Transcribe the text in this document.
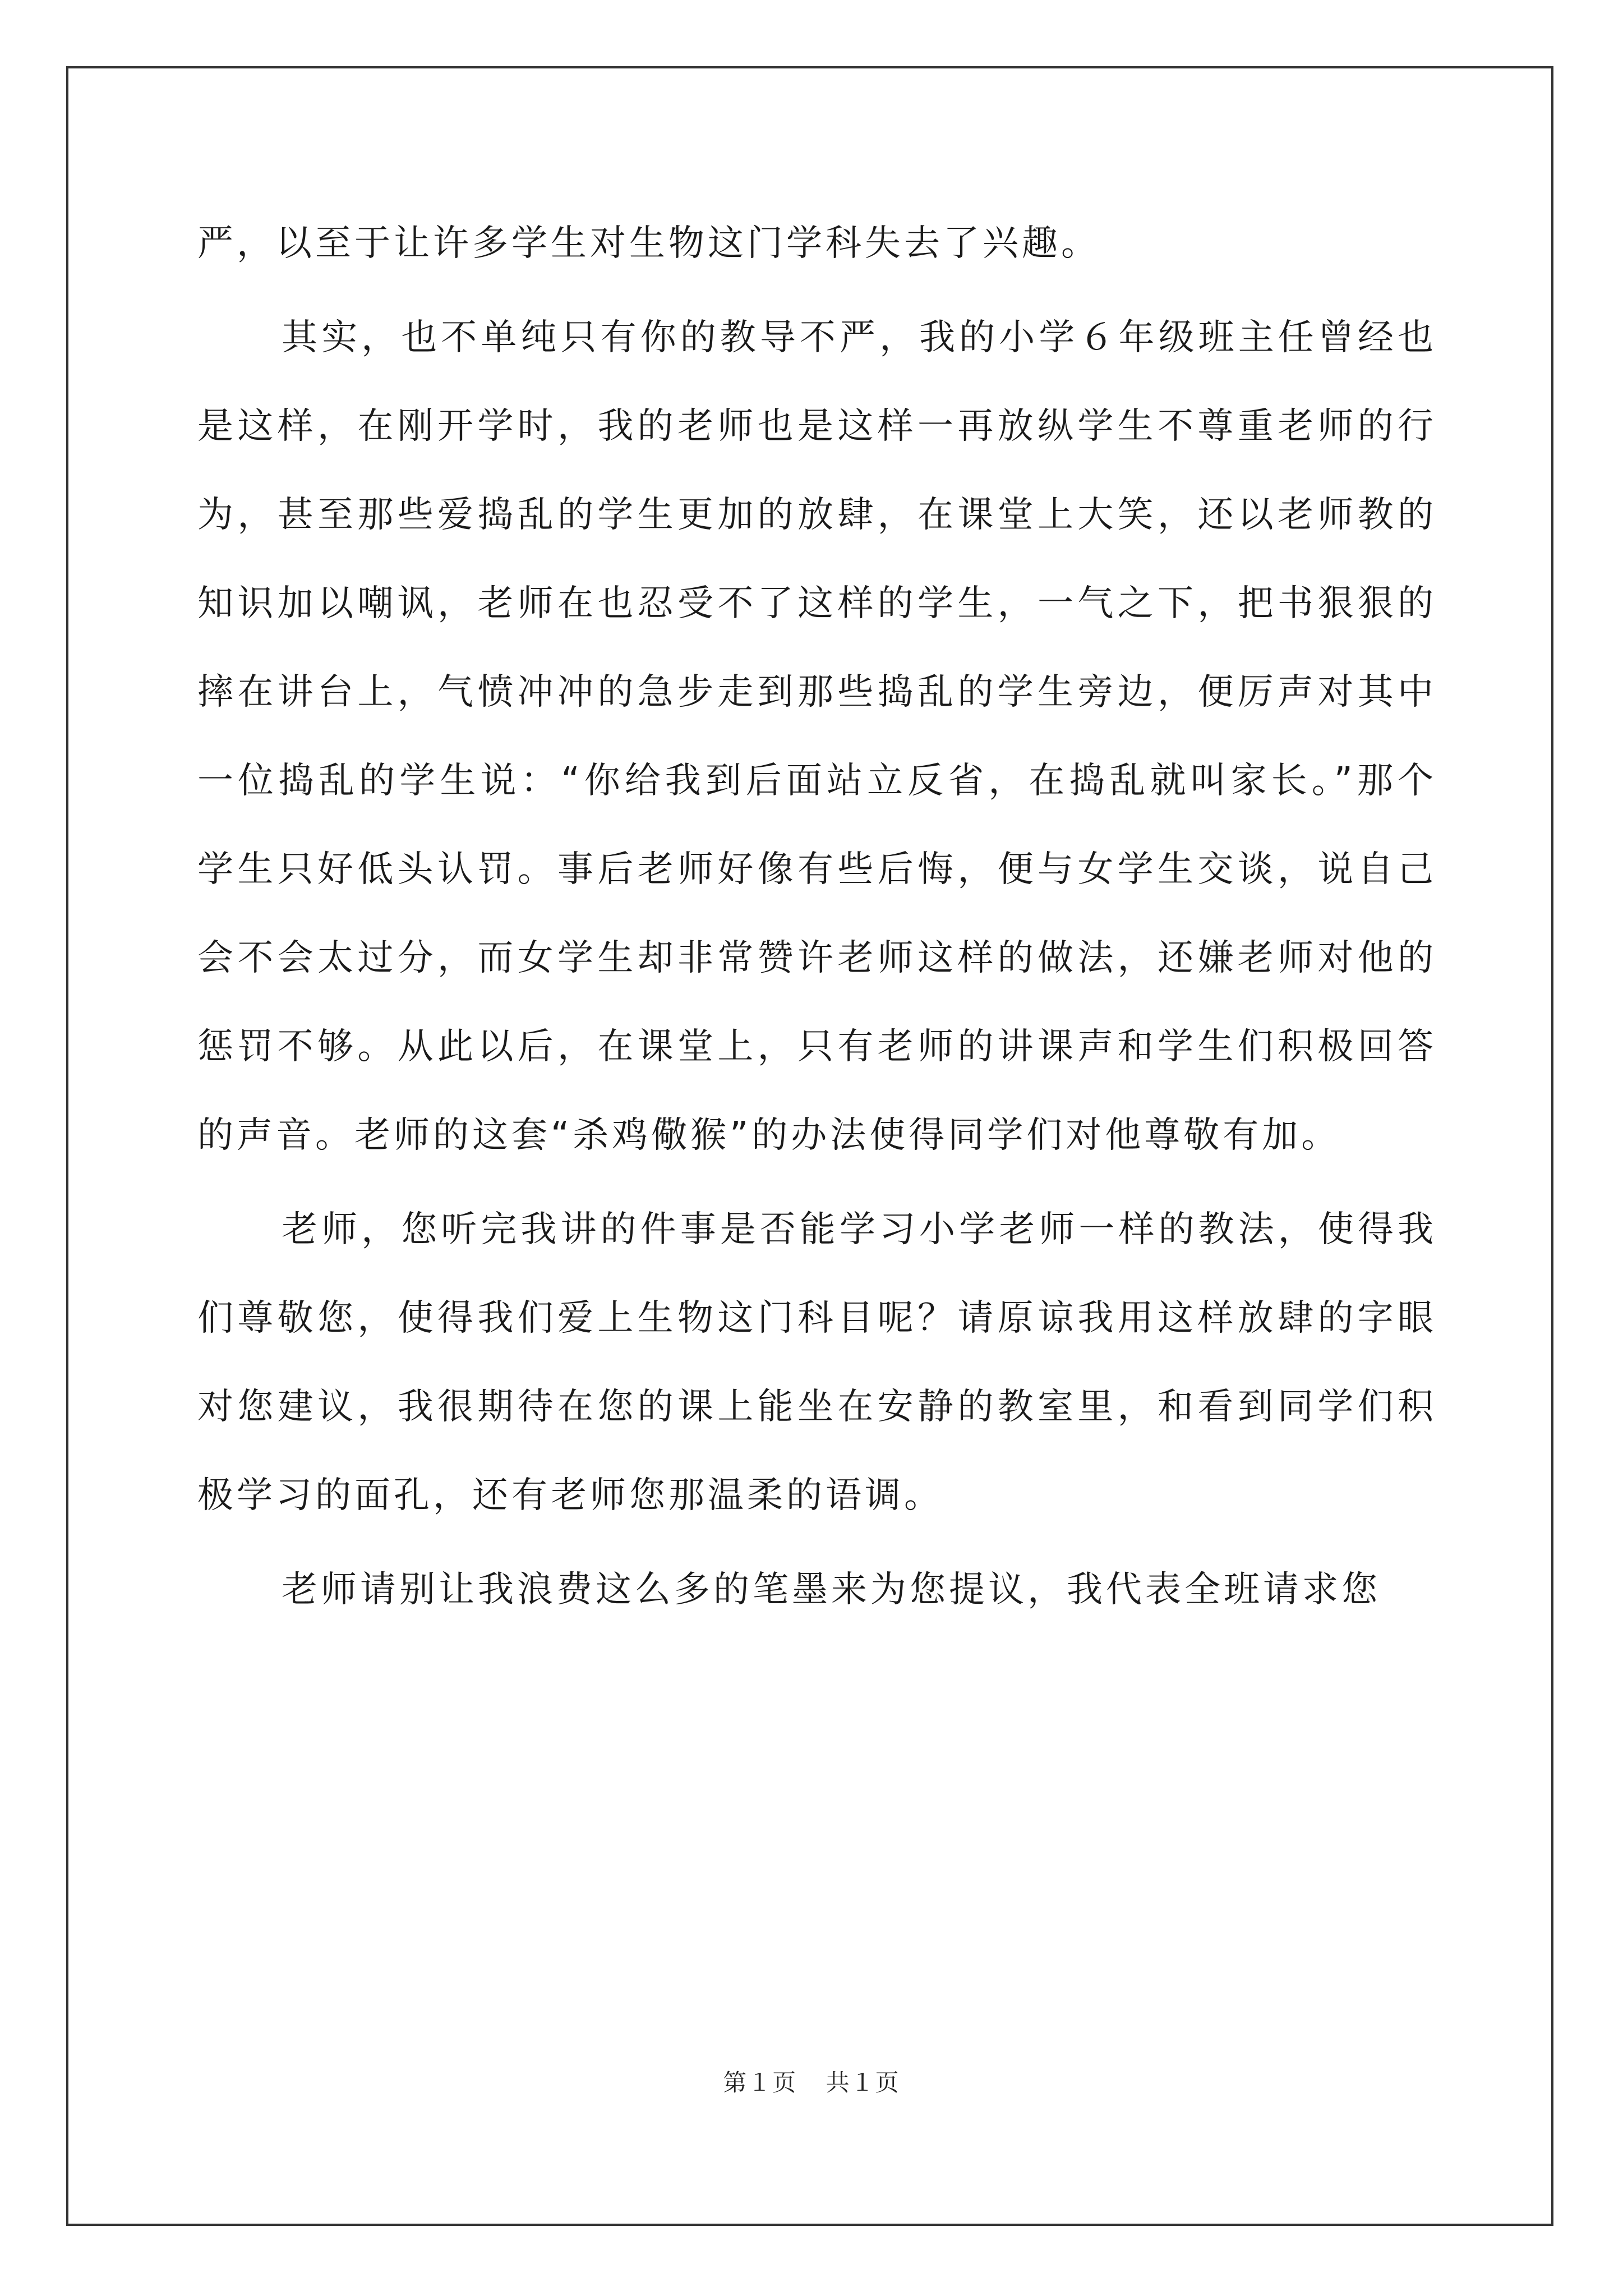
严，以至于让许多学生对生物这门学科失去了兴趣。

其实，也不单纯只有你的教导不严，我的小学６年级班主任曾经也是这样，在刚开学时，我的老师也是这样一再放纵学生不尊重老师的行为，甚至那些爱捣乱的学生更加的放肆，在课堂上大笑，还以老师教的知识加以嘲讽，老师在也忍受不了这样的学生，一气之下，把书狠狠的摔在讲台上，气愤冲冲的急步走到那些捣乱的学生旁边，便厉声对其中一位捣乱的学生说：“你给我到后面站立反省，在捣乱就叫家长。”那个学生只好低头认罚。事后老师好像有些后悔，便与女学生交谈，说自己会不会太过分，而女学生却非常赞许老师这样的做法，还嫌老师对他的惩罚不够。从此以后，在课堂上，只有老师的讲课声和学生们积极回答的声音。老师的这套“杀鸡儆猴”的办法使得同学们对他尊敬有加。

老师，您听完我讲的件事是否能学习小学老师一样的教法，使得我们尊敬您，使得我们爱上生物这门科目呢？请原谅我用这样放肆的字眼对您建议，我很期待在您的课上能坐在安静的教室里，和看到同学们积极学习的面孔，还有老师您那温柔的语调。

老师请别让我浪费这么多的笔墨来为您提议，我代表全班请求您

第１页 共１页
